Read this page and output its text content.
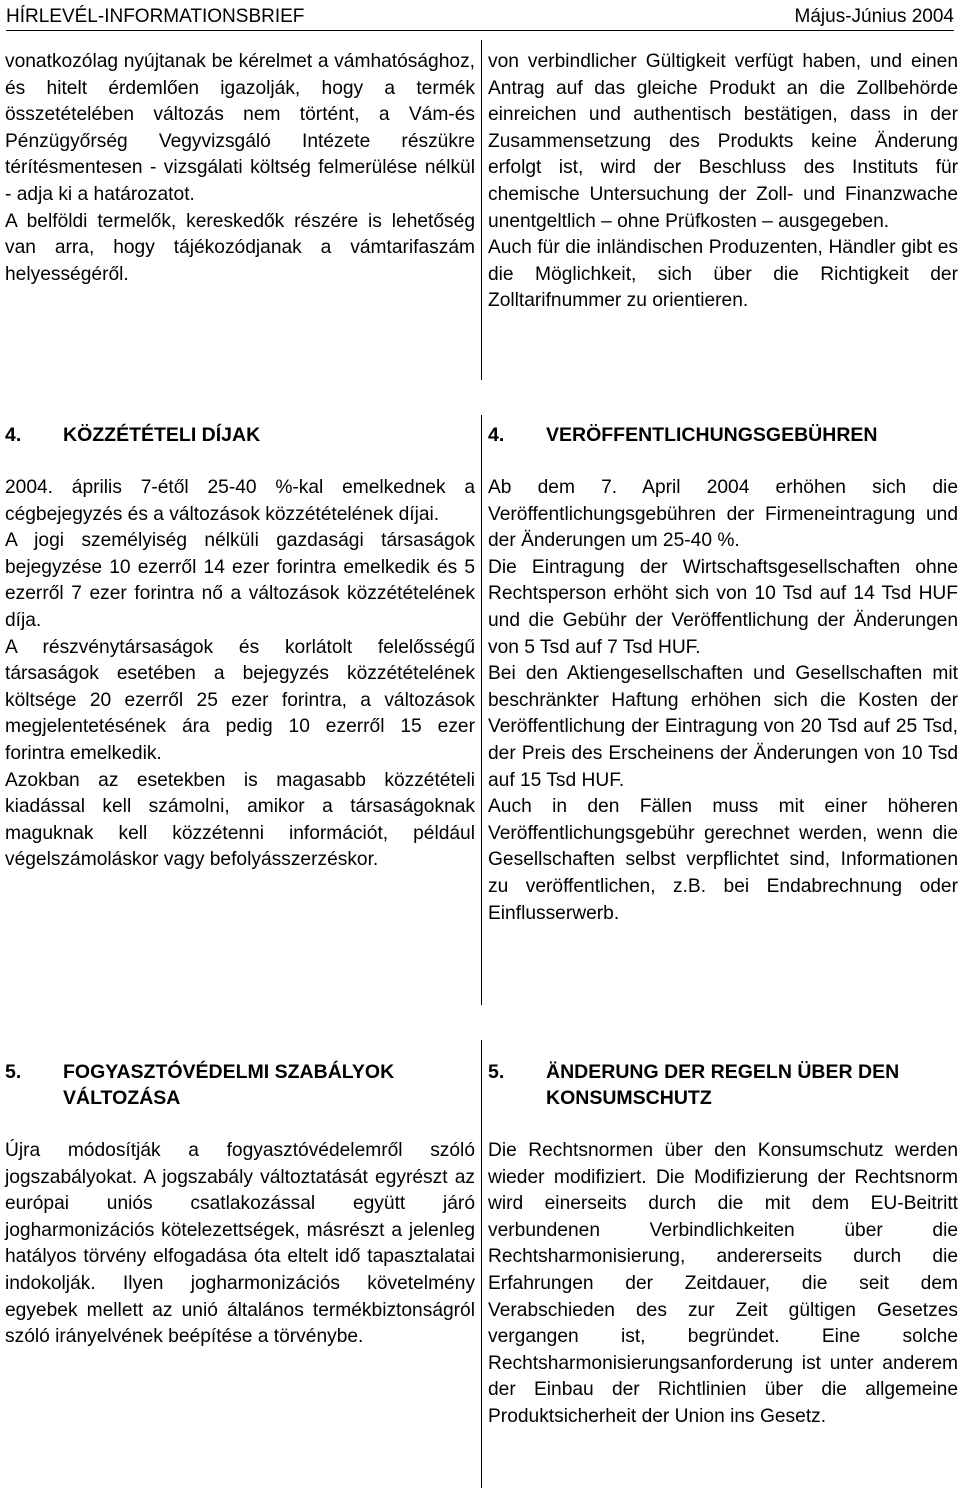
HÍRLEVÉL-INFORMATIONSBRIEF	Május-Június 2004

vonatkozólag nyújtanak be kérelmet a vámhatósághoz, és hitelt érdemlően igazolják, hogy a termék összetételében változás nem történt, a Vám-és Pénzügyőrség Vegyvizsgáló Intézete részükre térítésmentesen - vizsgálati költség felmerülése nélkül - adja ki a határozatot.

A belföldi termelők, kereskedők részére is lehetőség van arra, hogy tájékozódjanak a vámtarifaszám helyességéről.

von verbindlicher Gültigkeit verfügt haben, und einen Antrag auf das gleiche Produkt an die Zollbehörde einreichen und authentisch bestätigen, dass in der Zusammensetzung des Produkts keine Änderung erfolgt ist, wird der Beschluss des Instituts für chemische Untersuchung der Zoll- und Finanzwache unentgeltlich – ohne Prüfkosten – ausgegeben.

Auch für die inländischen Produzenten, Händler gibt es die Möglichkeit, sich über die Richtigkeit der Zolltarifnummer zu orientieren.

4. KÖZZÉTÉTELI DÍJAK	4. VERÖFFENTLICHUNGSGEBÜHREN

2004. április 7-étől 25-40 %-kal emelkednek a cégbejegyzés és a változások közzétételének díjai.

A jogi személyiség nélküli gazdasági társaságok bejegyzése 10 ezerről 14 ezer forintra emelkedik és 5 ezerről 7 ezer forintra nő a változások közzétételének díja.

A részvénytársaságok és korlátolt felelősségű társaságok esetében a bejegyzés közzétételének költsége 20 ezerről 25 ezer forintra, a változások megjelentetésének ára pedig 10 ezerről 15 ezer forintra emelkedik.

Azokban az esetekben is magasabb közzétételi kiadással kell számolni, amikor a társaságoknak maguknak kell közzétenni információt, például végelszámoláskor vagy befolyásszerzéskor.

Ab dem 7. April 2004 erhöhen sich die Veröffentlichungsgebühren der Firmeneintragung und der Änderungen um 25-40 %.

Die Eintragung der Wirtschaftsgesellschaften ohne Rechtsperson erhöht sich von 10 Tsd auf 14 Tsd HUF und die Gebühr der Veröffentlichung der Änderungen von 5 Tsd auf 7 Tsd HUF.

Bei den Aktiengesellschaften und Gesellschaften mit beschränkter Haftung erhöhen sich die Kosten der Veröffentlichung der Eintragung von 20 Tsd auf 25 Tsd, der Preis des Erscheinens der Änderungen von 10 Tsd auf 15 Tsd HUF.

Auch in den Fällen muss mit einer höheren Veröffentlichungsgebühr gerechnet werden, wenn die Gesellschaften selbst verpflichtet sind, Informationen zu veröffentlichen, z.B. bei Endabrechnung oder Einflusserwerb.

5. FOGYASZTÓVÉDELMI SZABÁLYOK VÁLTOZÁSA
5. ÄNDERUNG DER REGELN ÜBER DEN KONSUMSCHUTZ

Újra módosítják a fogyasztóvédelemről szóló jogszabályokat. A jogszabály változtatását egyrészt az európai uniós csatlakozással együtt járó jogharmonizációs kötelezettségek, másrészt a jelenleg hatályos törvény elfogadása óta eltelt idő tapasztalatai indokolják. Ilyen jogharmonizációs követelmény egyebek mellett az unió általános termékbiztonságról szóló irányelvének beépítése a törvénybe.

Die Rechtsnormen über den Konsumschutz werden wieder modifiziert. Die Modifizierung der Rechtsnorm wird einerseits durch die mit dem EU-Beitritt verbundenen Verbindlichkeiten über die Rechtsharmonisierung, andererseits durch die Erfahrungen der Zeitdauer, die seit dem Verabschieden des zur Zeit gültigen Gesetzes vergangen ist, begründet. Eine solche Rechtsharmonisierungsanforderung ist unter anderem der Einbau der Richtlinien über die allgemeine Produktsicherheit der Union ins Gesetz.
